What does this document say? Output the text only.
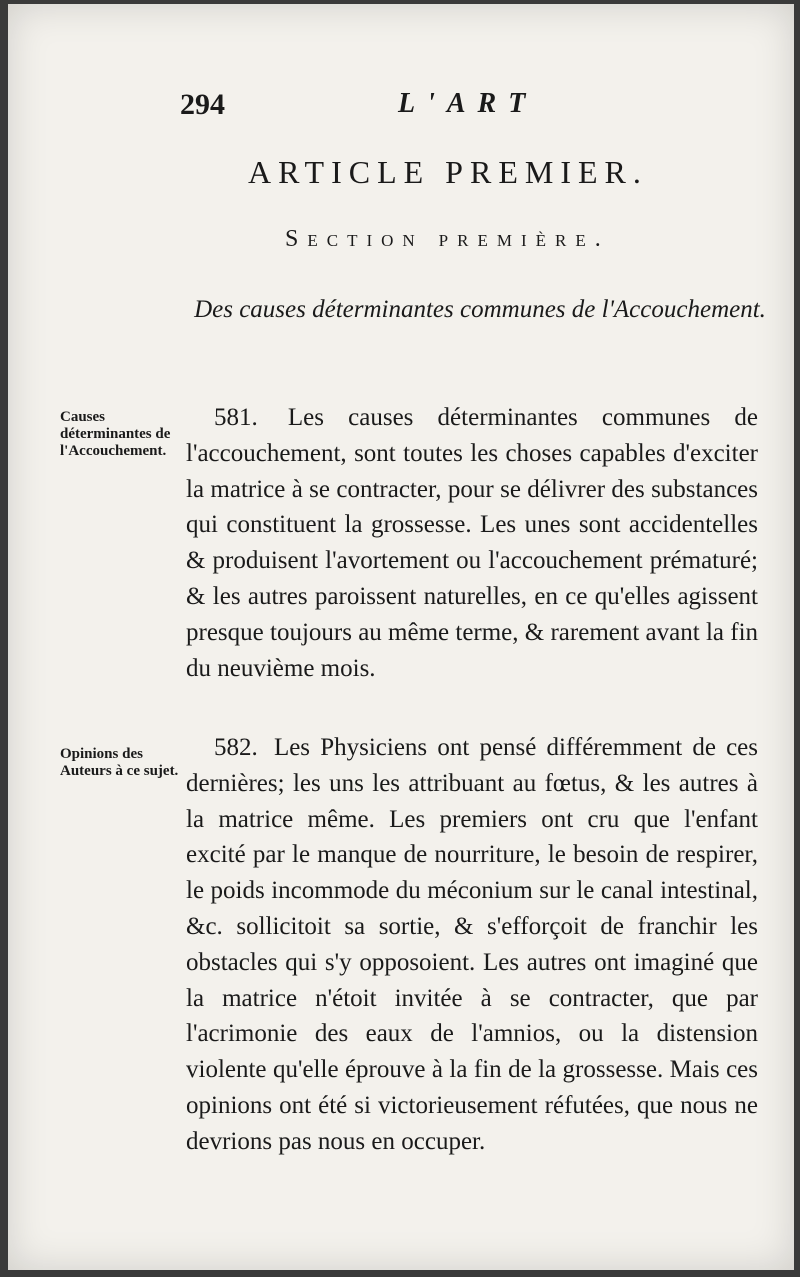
294	L'ART
ARTICLE PREMIER.
Section première.
Des causes déterminantes communes de l'Accouchement.
Causes déterminantes de l'Accouchement.
581. Les causes déterminantes communes de l'accouchement, sont toutes les choses capables d'exciter la matrice à se contracter, pour se délivrer des substances qui constituent la grossesse. Les unes sont accidentelles & produisent l'avortement ou l'accouchement prématuré; & les autres paroissent naturelles, en ce qu'elles agissent presque toujours au même terme, & rarement avant la fin du neuvième mois.
Opinions des Auteurs à ce sujet.
582. Les Physiciens ont pensé différemment de ces dernières; les uns les attribuant au fœtus, & les autres à la matrice même. Les premiers ont cru que l'enfant excité par le manque de nourriture, le besoin de respirer, le poids incommode du méconium sur le canal intestinal, &c. sollicitoit sa sortie, & s'efforçoit de franchir les obstacles qui s'y opposoient. Les autres ont imaginé que la matrice n'étoit invitée à se contracter, que par l'acrimonie des eaux de l'amnios, ou la distension violente qu'elle éprouve à la fin de la grossesse. Mais ces opinions ont été si victorieusement réfutées, que nous ne devrions pas nous en occuper.
